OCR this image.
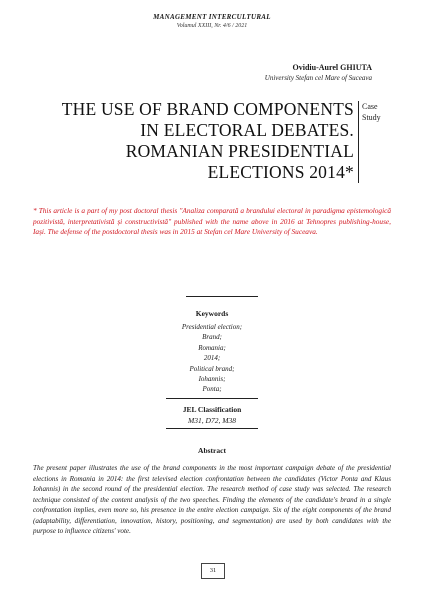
MANAGEMENT INTERCULTURAL
Volumul XXIII, Nr. 4/6 / 2021
Ovidiu-Aurel GHIUTA
University Stefan cel Mare of Suceava
THE USE OF BRAND COMPONENTS
IN ELECTORAL DEBATES.
ROMANIAN PRESIDENTIAL
ELECTIONS 2014*
Case
Study
* This article is a part of my post doctoral thesis "Analiza comparată a brandului electoral in paradigma epistemologică pozitivistă, interpretativistă și constructivistă" published with the name above in 2016 at Tehnopres publishing-house, Iași. The defense of the postdoctoral thesis was in 2015 at Stefan cel Mare University of Suceava.
Keywords
Presidential election;
Brand;
Romania;
2014;
Political brand;
Iohannis;
Ponta;
JEL Classification
M31, D72, M38
Abstract
The present paper illustrates the use of the brand components in the most important campaign debate of the presidential elections in Romania in 2014: the first televised election confrontation between the candidates (Victor Ponta and Klaus Iohannis) in the second round of the presidential election. The research method of case study was selected. The research technique consisted of the content analysis of the two speeches. Finding the elements of the candidate's brand in a single confrontation implies, even more so, his presence in the entire election campaign. Six of the eight components of the brand (adaptability, differentiation, innovation, history, positioning, and segmentation) are used by both candidates with the purpose to influence citizens' vote.
31
